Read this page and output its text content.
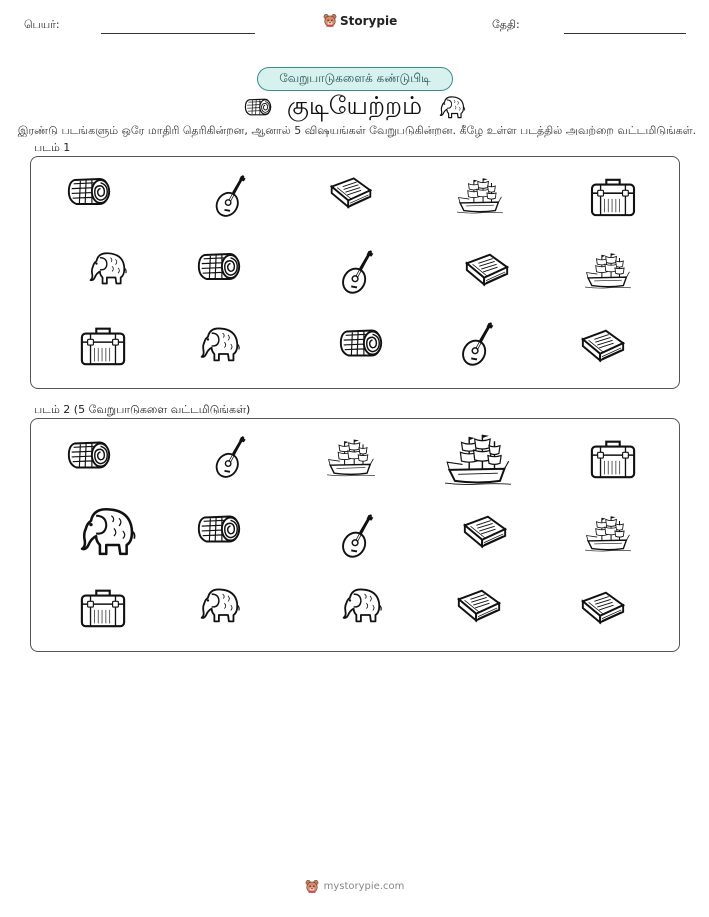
பெயர்:	Storypie	தேதி:
வேறுபாடுகளைக் கண்டுபிடி
குடியேற்றம்
இரண்டு படங்களும் ஒரே மாதிரி தெரிகின்றன, ஆனால் 5 விஷயங்கள் வேறுபடுகின்றன. கீழே உள்ள படத்தில் அவற்றை வட்டமிடுங்கள்.
படம் 1
படம் 2 (5 வேறுபாடுகளை வட்டமிடுங்கள்)
mystorypie.com
